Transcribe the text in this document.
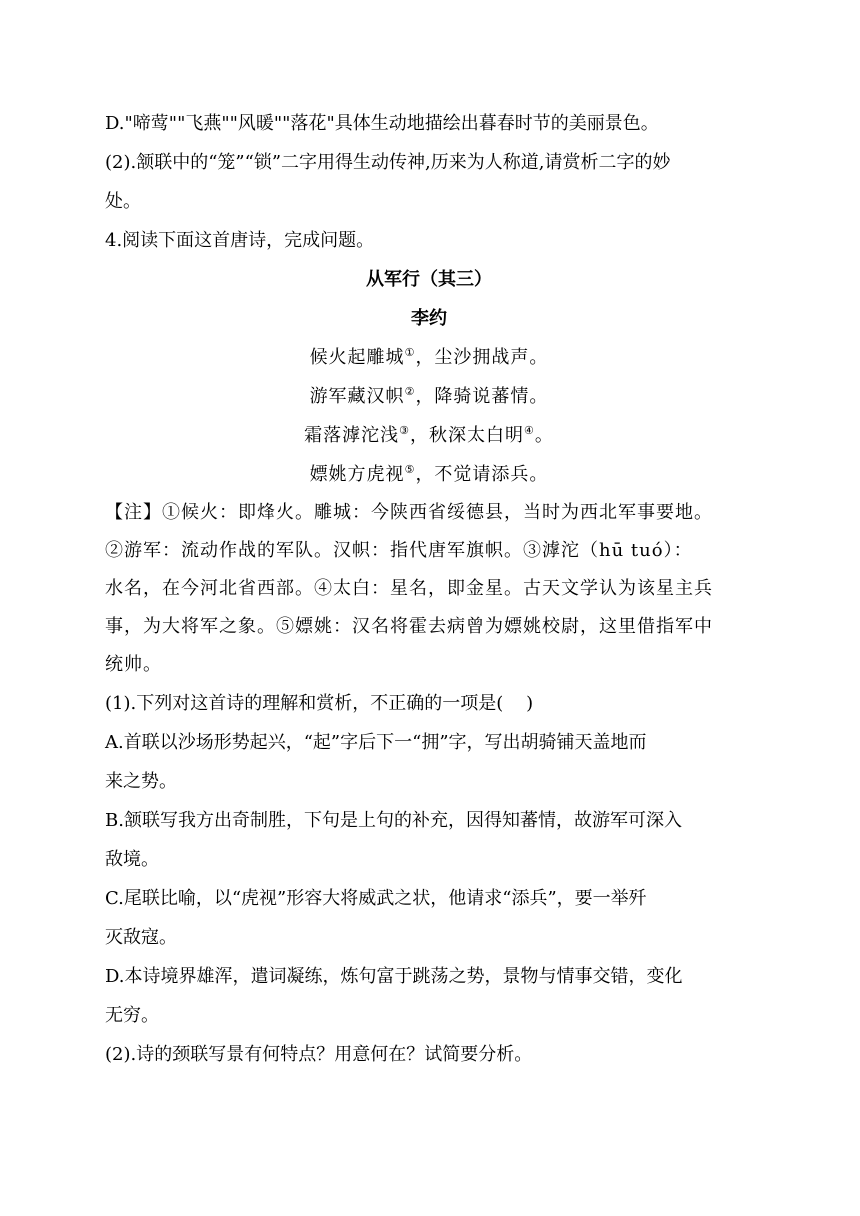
D."啼莺""飞燕""风暖""落花"具体生动地描绘出暮春时节的美丽景色。

(2).颔联中的“笼”“锁”二字用得生动传神,历来为人称道,请赏析二字的妙

处。

4.阅读下面这首唐诗，完成问题。

从军行（其三）

李约

候火起雕城①，尘沙拥战声。

游军藏汉帜②，降骑说蕃情。

霜落滹沱浅③，秋深太白明④。

嫖姚方虎视⑤，不觉请添兵。

【注】①候火：即烽火。雕城：今陕西省绥德县，当时为西北军事要地。

②游军：流动作战的军队。汉帜：指代唐军旗帜。③滹沱（hū tuó）：

水名，在今河北省西部。④太白：星名，即金星。古天文学认为该星主兵

事，为大将军之象。⑤嫖姚：汉名将霍去病曾为嫖姚校尉，这里借指军中

统帅。

(1).下列对这首诗的理解和赏析，不正确的一项是(    )

A.首联以沙场形势起兴，“起”字后下一“拥”字，写出胡骑铺天盖地而

来之势。

B.颔联写我方出奇制胜，下句是上句的补充，因得知蕃情，故游军可深入

敌境。

C.尾联比喻，以“虎视”形容大将威武之状，他请求“添兵”，要一举歼

灭敌寇。

D.本诗境界雄浑，遣词凝练，炼句富于跳荡之势，景物与情事交错，变化

无穷。

(2).诗的颈联写景有何特点？用意何在？试简要分析。
